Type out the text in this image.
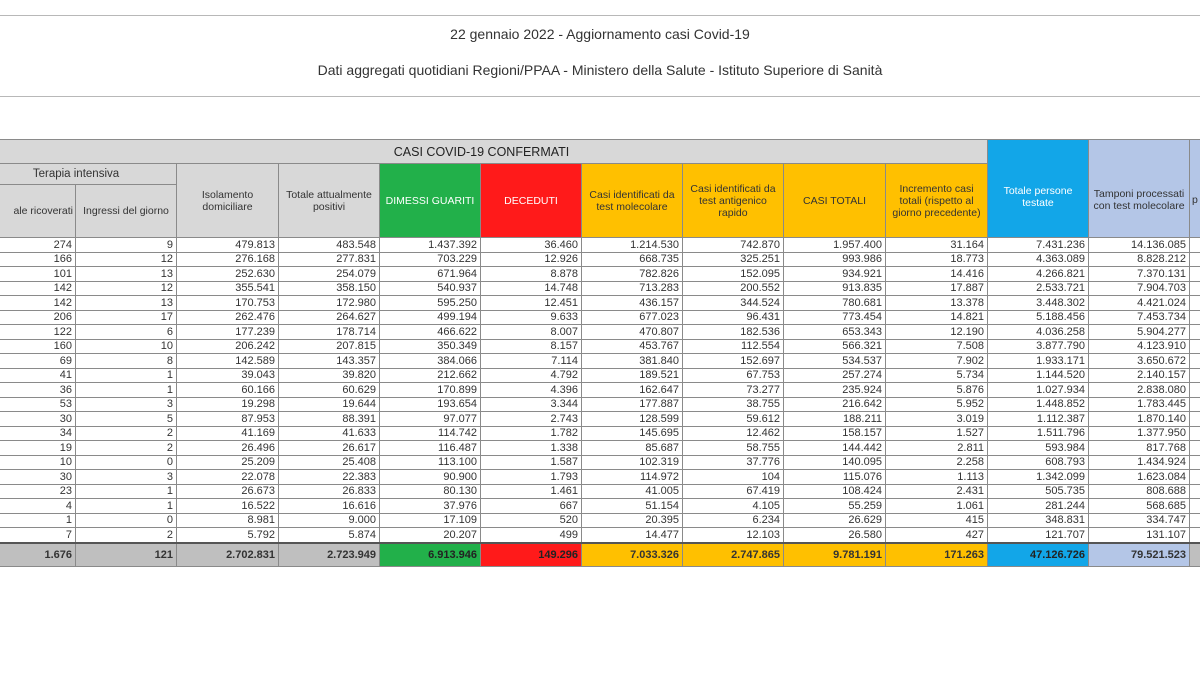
22 gennaio 2022 - Aggiornamento casi Covid-19
Dati aggregati quotidiani Regioni/PPAA - Ministero della Salute - Istituto Superiore di Sanità
CASI COVID-19 CONFERMATI										Totale persone testate		
Terapia intensiva		Isolamento domiciliare	Totale attualmente positivi	DIMESSI GUARITI	DECEDUTI	Casi identificati da test molecolare	Casi identificati da test antigenico rapido	CASI TOTALI	Incremento casi totali (rispetto al giorno precedente)		Tamponi processati con test molecolare	p
ale ricoverati	Ingressi del giorno											
274	9	479.813	483.548	1.437.392	36.460	1.214.530	742.870	1.957.400	31.164	7.431.236	14.136.085	
166	12	276.168	277.831	703.229	12.926	668.735	325.251	993.986	18.773	4.363.089	8.828.212	
101	13	252.630	254.079	671.964	8.878	782.826	152.095	934.921	14.416	4.266.821	7.370.131	
142	12	355.541	358.150	540.937	14.748	713.283	200.552	913.835	17.887	2.533.721	7.904.703	
142	13	170.753	172.980	595.250	12.451	436.157	344.524	780.681	13.378	3.448.302	4.421.024	
206	17	262.476	264.627	499.194	9.633	677.023	96.431	773.454	14.821	5.188.456	7.453.734	
122	6	177.239	178.714	466.622	8.007	470.807	182.536	653.343	12.190	4.036.258	5.904.277	
160	10	206.242	207.815	350.349	8.157	453.767	112.554	566.321	7.508	3.877.790	4.123.910	
69	8	142.589	143.357	384.066	7.114	381.840	152.697	534.537	7.902	1.933.171	3.650.672	
41	1	39.043	39.820	212.662	4.792	189.521	67.753	257.274	5.734	1.144.520	2.140.157	
36	1	60.166	60.629	170.899	4.396	162.647	73.277	235.924	5.876	1.027.934	2.838.080	
53	3	19.298	19.644	193.654	3.344	177.887	38.755	216.642	5.952	1.448.852	1.783.445	
30	5	87.953	88.391	97.077	2.743	128.599	59.612	188.211	3.019	1.112.387	1.870.140	
34	2	41.169	41.633	114.742	1.782	145.695	12.462	158.157	1.527	1.511.796	1.377.950	
19	2	26.496	26.617	116.487	1.338	85.687	58.755	144.442	2.811	593.984	817.768	
10	0	25.209	25.408	113.100	1.587	102.319	37.776	140.095	2.258	608.793	1.434.924	
30	3	22.078	22.383	90.900	1.793	114.972	104	115.076	1.113	1.342.099	1.623.084	
23	1	26.673	26.833	80.130	1.461	41.005	67.419	108.424	2.431	505.735	808.688	
4	1	16.522	16.616	37.976	667	51.154	4.105	55.259	1.061	281.244	568.685	
1	0	8.981	9.000	17.109	520	20.395	6.234	26.629	415	348.831	334.747	
7	2	5.792	5.874	20.207	499	14.477	12.103	26.580	427	121.707	131.107	
1.676	121	2.702.831	2.723.949	6.913.946	149.296	7.033.326	2.747.865	9.781.191	171.263	47.126.726	79.521.523	
